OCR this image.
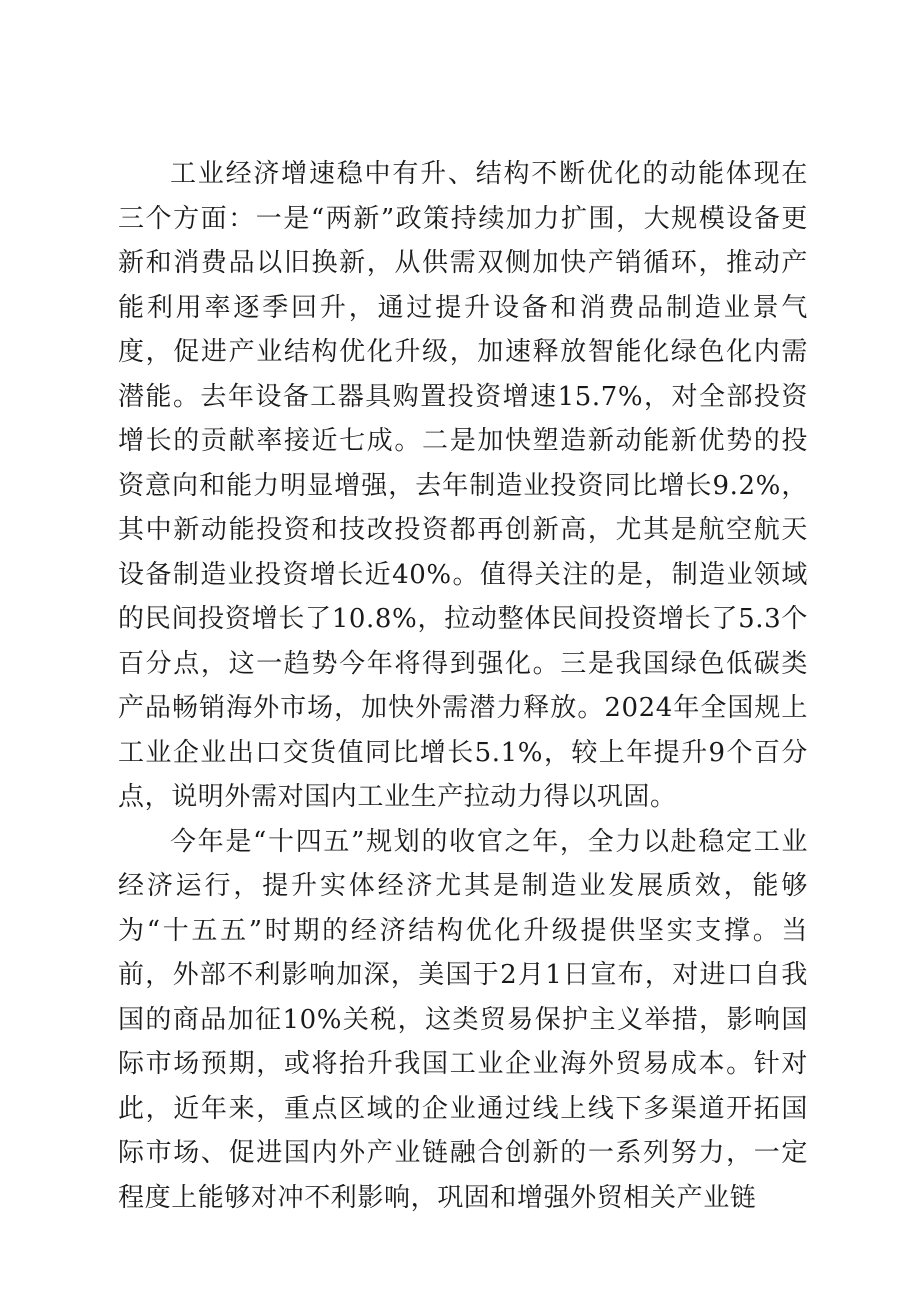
工业经济增速稳中有升、结构不断优化的动能体现在三个方面：一是“两新”政策持续加力扩围，大规模设备更新和消费品以旧换新，从供需双侧加快产销循环，推动产能利用率逐季回升，通过提升设备和消费品制造业景气度，促进产业结构优化升级，加速释放智能化绿色化内需潜能。去年设备工器具购置投资增速15.7%，对全部投资增长的贡献率接近七成。二是加快塑造新动能新优势的投资意向和能力明显增强，去年制造业投资同比增长9.2%，其中新动能投资和技改投资都再创新高，尤其是航空航天设备制造业投资增长近40%。值得关注的是，制造业领域的民间投资增长了10.8%，拉动整体民间投资增长了5.3个百分点，这一趋势今年将得到强化。三是我国绿色低碳类产品畅销海外市场，加快外需潜力释放。2024年全国规上工业企业出口交货值同比增长5.1%，较上年提升9个百分点，说明外需对国内工业生产拉动力得以巩固。

今年是“十四五”规划的收官之年，全力以赴稳定工业经济运行，提升实体经济尤其是制造业发展质效，能够为“十五五”时期的经济结构优化升级提供坚实支撑。当前，外部不利影响加深，美国于2月1日宣布，对进口自我国的商品加征10%关税，这类贸易保护主义举措，影响国际市场预期，或将抬升我国工业企业海外贸易成本。针对此，近年来，重点区域的企业通过线上线下多渠道开拓国际市场、促进国内外产业链融合创新的一系列努力，一定程度上能够对冲不利影响，巩固和增强外贸相关产业链
